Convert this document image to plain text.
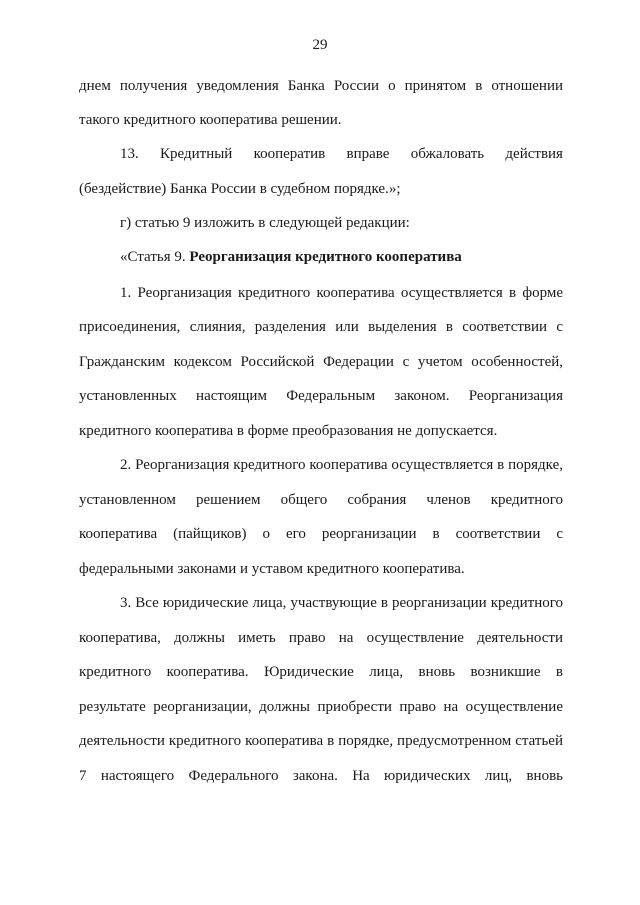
29
днем получения уведомления Банка России о принятом в отношении
такого кредитного кооператива решении.
13. Кредитный кооператив вправе обжаловать действия
(бездействие) Банка России в судебном порядке.»;
г) статью 9 изложить в следующей редакции:
«Статья 9. Реорганизация кредитного кооператива
1. Реорганизация кредитного кооператива осуществляется в форме
присоединения, слияния, разделения или выделения в соответствии с
Гражданским кодексом Российской Федерации с учетом особенностей,
установленных настоящим Федеральным законом. Реорганизация
кредитного кооператива в форме преобразования не допускается.
2. Реорганизация кредитного кооператива осуществляется в порядке,
установленном решением общего собрания членов кредитного
кооператива (пайщиков) о его реорганизации в соответствии с
федеральными законами и уставом кредитного кооператива.
3. Все юридические лица, участвующие в реорганизации кредитного
кооператива, должны иметь право на осуществление деятельности
кредитного кооператива. Юридические лица, вновь возникшие в
результате реорганизации, должны приобрести право на осуществление
деятельности кредитного кооператива в порядке, предусмотренном статьей
7 настоящего Федерального закона. На юридических лиц, вновь
